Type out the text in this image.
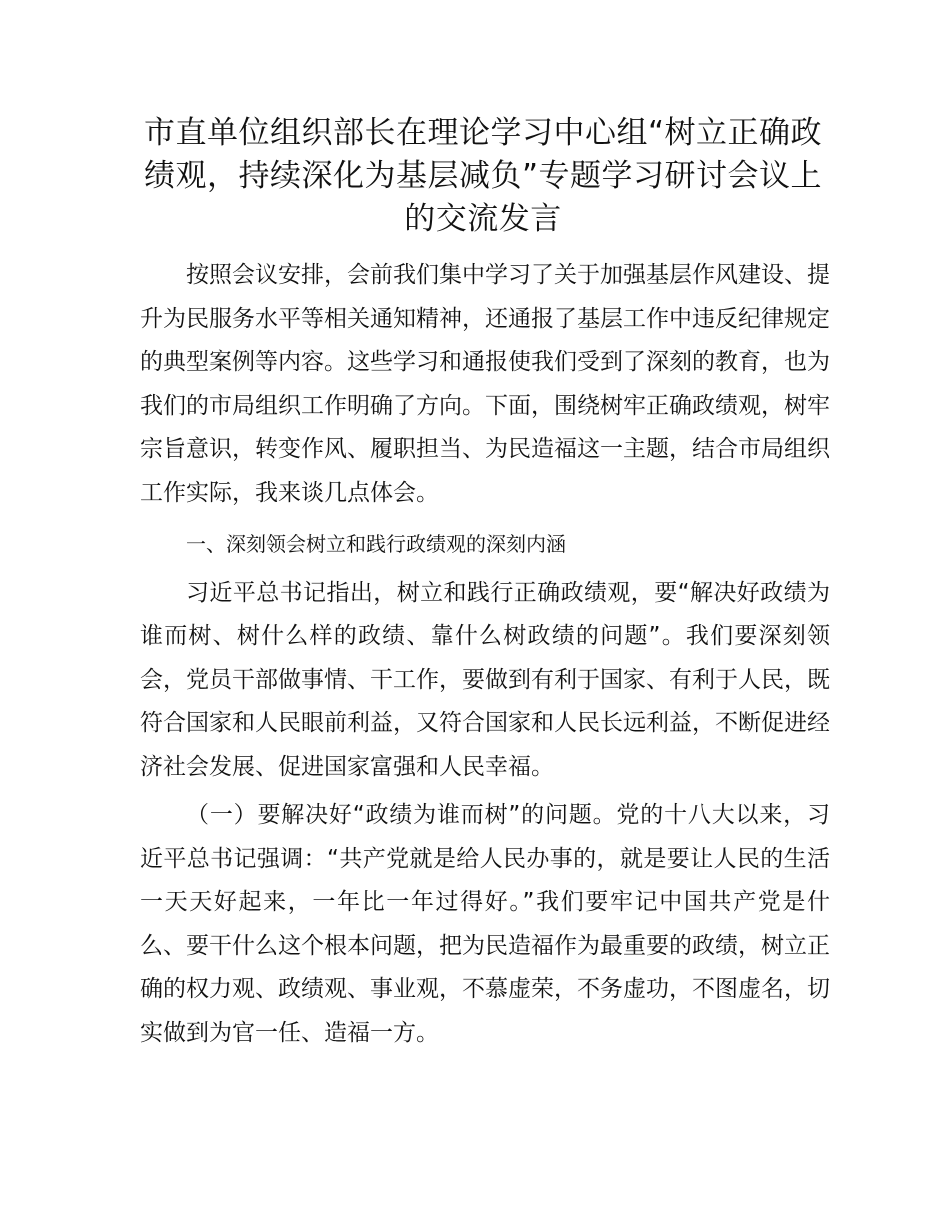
市直单位组织部长在理论学习中心组“树立正确政绩观，持续深化为基层减负”专题学习研讨会议上的交流发言

按照会议安排，会前我们集中学习了关于加强基层作风建设、提升为民服务水平等相关通知精神，还通报了基层工作中违反纪律规定的典型案例等内容。这些学习和通报使我们受到了深刻的教育，也为我们的市局组织工作明确了方向。下面，围绕树牢正确政绩观，树牢宗旨意识，转变作风、履职担当、为民造福这一主题，结合市局组织工作实际，我来谈几点体会。

一、深刻领会树立和践行政绩观的深刻内涵

习近平总书记指出，树立和践行正确政绩观，要“解决好政绩为谁而树、树什么样的政绩、靠什么树政绩的问题”。我们要深刻领会，党员干部做事情、干工作，要做到有利于国家、有利于人民，既符合国家和人民眼前利益，又符合国家和人民长远利益，不断促进经济社会发展、促进国家富强和人民幸福。

（一）要解决好“政绩为谁而树”的问题。党的十八大以来，习近平总书记强调：“共产党就是给人民办事的，就是要让人民的生活一天天好起来，一年比一年过得好。”我们要牢记中国共产党是什么、要干什么这个根本问题，把为民造福作为最重要的政绩，树立正确的权力观、政绩观、事业观，不慕虚荣，不务虚功，不图虚名，切实做到为官一任、造福一方。
